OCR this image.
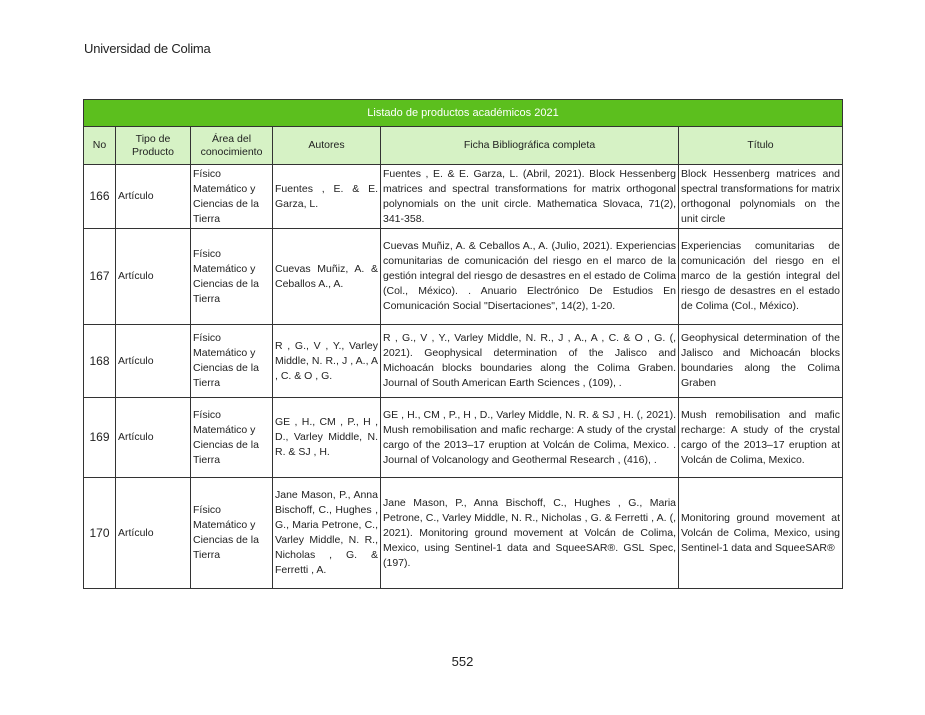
Universidad de Colima
Listado de productos académicos 2021					
No	Tipo de Producto	Área del conocimiento	Autores	Ficha Bibliográfica completa	Título
166	Artículo	Físico Matemático y Ciencias de la Tierra	Fuentes , E. & E. Garza, L.	Fuentes , E. & E. Garza, L. (Abril, 2021). Block Hessenberg matrices and spectral transformations for matrix orthogonal polynomials on the unit circle. Mathematica Slovaca, 71(2), 341-358.	Block Hessenberg matrices and spectral transformations for matrix orthogonal polynomials on the unit circle
167	Artículo	Físico Matemático y Ciencias de la Tierra	Cuevas Muñiz, A. & Ceballos A., A.	Cuevas Muñiz, A. & Ceballos A., A. (Julio, 2021). Experiencias comunitarias de comunicación del riesgo en el marco de la gestión integral del riesgo de desastres en el estado de Colima (Col., México). . Anuario Electrónico De Estudios En Comunicación Social "Disertaciones", 14(2), 1-20.	Experiencias comunitarias de comunicación del riesgo en el marco de la gestión integral del riesgo de desastres en el estado de Colima (Col., México).
168	Artículo	Físico Matemático y Ciencias de la Tierra	R , G., V , Y., Varley Middle, N. R., J , A., A , C. & O , G.	R , G., V , Y., Varley Middle, N. R., J , A., A , C. & O , G. (, 2021). Geophysical determination of the Jalisco and Michoacán blocks boundaries along the Colima Graben. Journal of South American Earth Sciences , (109), .	Geophysical determination of the Jalisco and Michoacán blocks boundaries along the Colima Graben
169	Artículo	Físico Matemático y Ciencias de la Tierra	GE , H., CM , P., H , D., Varley Middle, N. R. & SJ , H.	GE , H., CM , P., H , D., Varley Middle, N. R. & SJ , H. (, 2021). Mush remobilisation and mafic recharge: A study of the crystal cargo of the 2013–17 eruption at Volcán de Colima, Mexico. . Journal of Volcanology and Geothermal Research , (416), .	Mush remobilisation and mafic recharge: A study of the crystal cargo of the 2013–17 eruption at Volcán de Colima, Mexico.
170	Artículo	Físico Matemático y Ciencias de la Tierra	Jane Mason, P., Anna Bischoff, C., Hughes , G., Maria Petrone, C., Varley Middle, N. R., Nicholas , G. & Ferretti , A.	Jane Mason, P., Anna Bischoff, C., Hughes , G., Maria Petrone, C., Varley Middle, N. R., Nicholas , G. & Ferretti , A. (, 2021). Monitoring ground movement at Volcán de Colima, Mexico, using Sentinel-1 data and SqueeSAR®. GSL Spec, (197).	Monitoring ground movement at Volcán de Colima, Mexico, using Sentinel-1 data and SqueeSAR®
552
